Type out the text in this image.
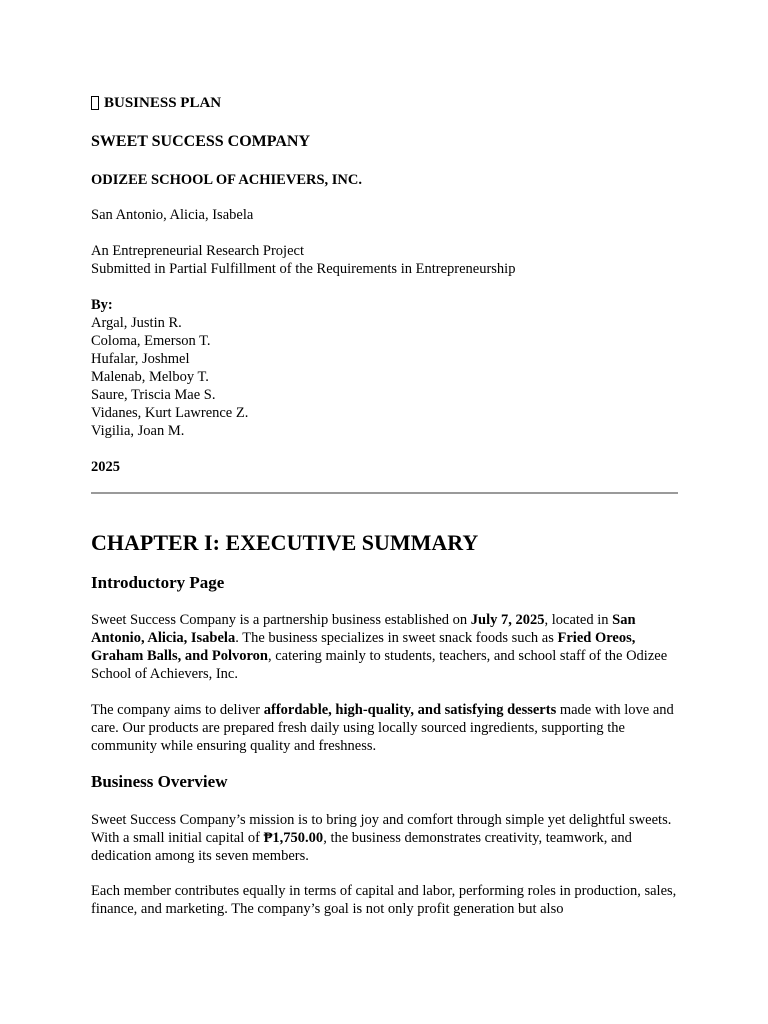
BUSINESS PLAN
SWEET SUCCESS COMPANY
ODIZEE SCHOOL OF ACHIEVERS, INC.
San Antonio, Alicia, Isabela
An Entrepreneurial Research Project
Submitted in Partial Fulfillment of the Requirements in Entrepreneurship
By:
Argal, Justin R.
Coloma, Emerson T.
Hufalar, Joshmel
Malenab, Melboy T.
Saure, Triscia Mae S.
Vidanes, Kurt Lawrence Z.
Vigilia, Joan M.
2025
CHAPTER I: EXECUTIVE SUMMARY
Introductory Page
Sweet Success Company is a partnership business established on July 7, 2025, located in San Antonio, Alicia, Isabela. The business specializes in sweet snack foods such as Fried Oreos, Graham Balls, and Polvoron, catering mainly to students, teachers, and school staff of the Odizee School of Achievers, Inc.
The company aims to deliver affordable, high-quality, and satisfying desserts made with love and care. Our products are prepared fresh daily using locally sourced ingredients, supporting the community while ensuring quality and freshness.
Business Overview
Sweet Success Company’s mission is to bring joy and comfort through simple yet delightful sweets. With a small initial capital of ₱1,750.00, the business demonstrates creativity, teamwork, and dedication among its seven members.
Each member contributes equally in terms of capital and labor, performing roles in production, sales, finance, and marketing. The company’s goal is not only profit generation but also
